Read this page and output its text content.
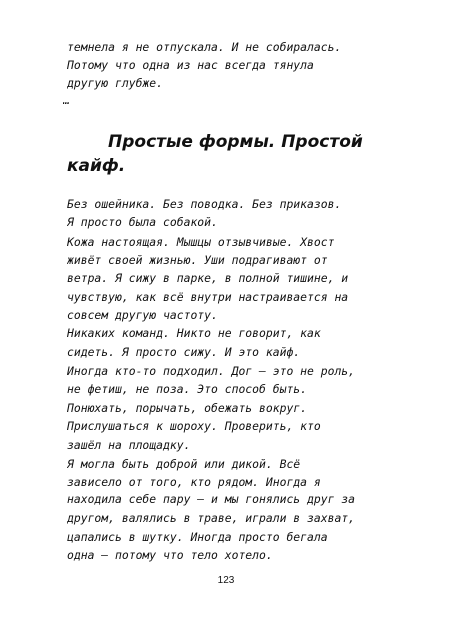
темнела я не отпускала. И не собиралась.
Потому что одна из нас всегда тянула
другую глубже.
…
Простые формы. Простой
кайф.
Без ошейника. Без поводка. Без приказов.
Я просто была собакой.
Кожа настоящая. Мышцы отзывчивые. Хвост
живёт своей жизнью. Уши подрагивают от
ветра. Я сижу в парке, в полной тишине, и
чувствую, как всё внутри настраивается на
совсем другую частоту.
Никаких команд. Никто не говорит, как
сидеть. Я просто сижу. И это кайф.
Иногда кто-то подходил. Дог – это не роль,
не фетиш, не поза. Это способ быть.
Понюхать, порычать, обежать вокруг.
Прислушаться к шороху. Проверить, кто
зашёл на площадку.
Я могла быть доброй или дикой. Всё
зависело от того, кто рядом. Иногда я
находила себе пару – и мы гонялись друг за
другом, валялись в траве, играли в захват,
цапались в шутку. Иногда просто бегала
одна – потому что тело хотело.
123
